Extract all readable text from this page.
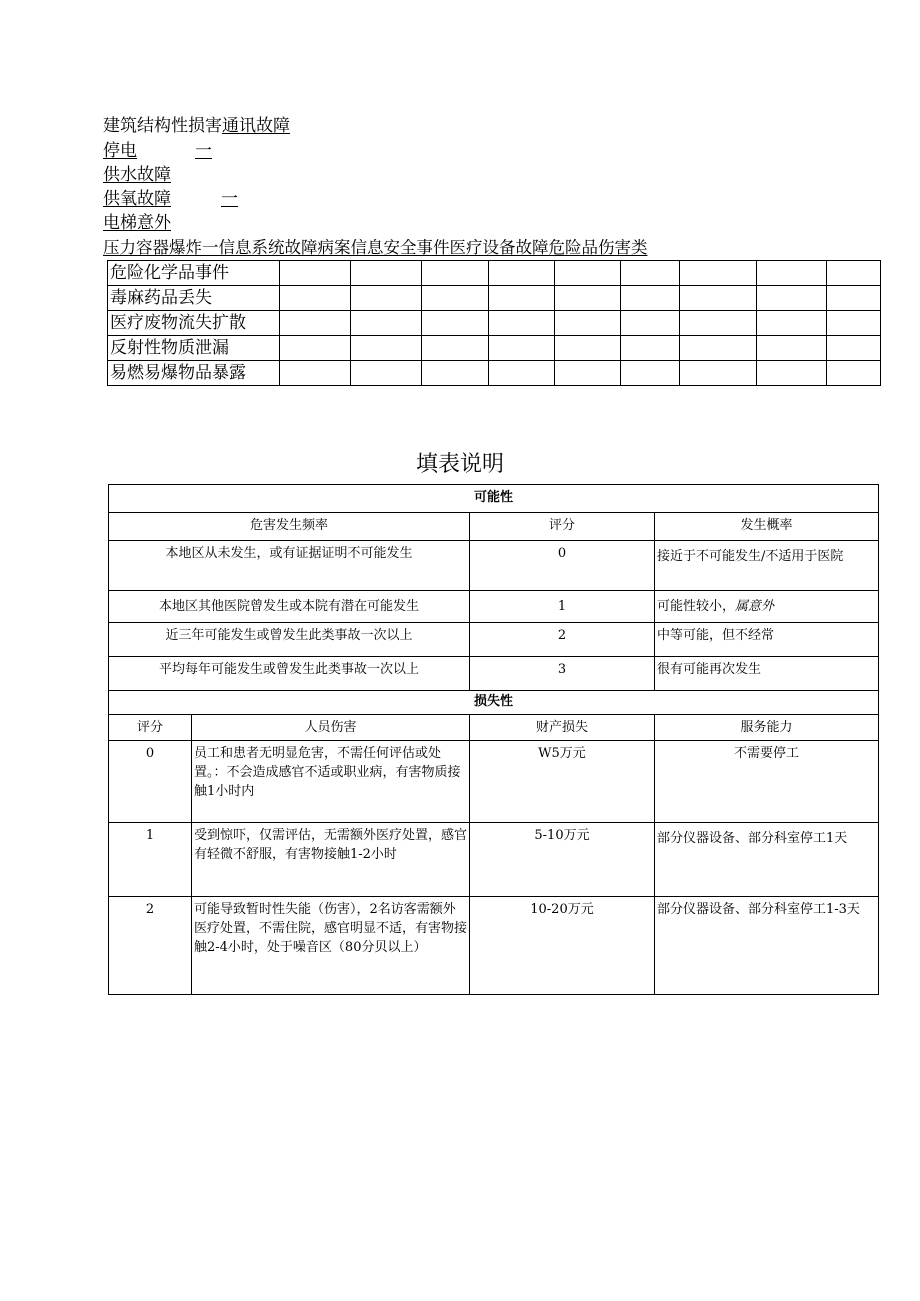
建筑结构性损害通讯故障
停电	一
供水故障
供氧故障	一
电梯意外
压力容器爆炸一信息系统故障病案信息安全事件医疗设备故障危险品伤害类
危险化学品事件									
毒麻药品丢失									
医疗废物流失扩散									
反射性物质泄漏									
易燃易爆物品暴露									
填表说明
可能性			
危害发生频率		评分	发生概率
本地区从未发生，或有证据证明不可能发生		0	接近于不可能发生/不适用于医院
本地区其他医院曾发生或本院有潜在可能发生		1	可能性较小，属意外
近三年可能发生或曾发生此类事故一次以上		2	中等可能，但不经常
平均每年可能发生或曾发生此类事故一次以上		3	很有可能再次发生
损失性			
评分	人员伤害	财产损失	服务能力
0	员工和患者无明显危害，不需任何评估或处置。：不会造成感官不适或职业病，有害物质接触1小时内	W5万元	不需要停工
1	受到惊吓，仅需评估，无需额外医疗处置，感官有轻微不舒服，有害物接触1-2小时	5-10万元	部分仪器设备、部分科室停工1天
2	可能导致暂时性失能（伤害），2名访客需额外医疗处置，不需住院，感官明显不适，有害物接触2-4小时，处于噪音区（80分贝以上）	10-20万元	部分仪器设备、部分科室停工1-3天
